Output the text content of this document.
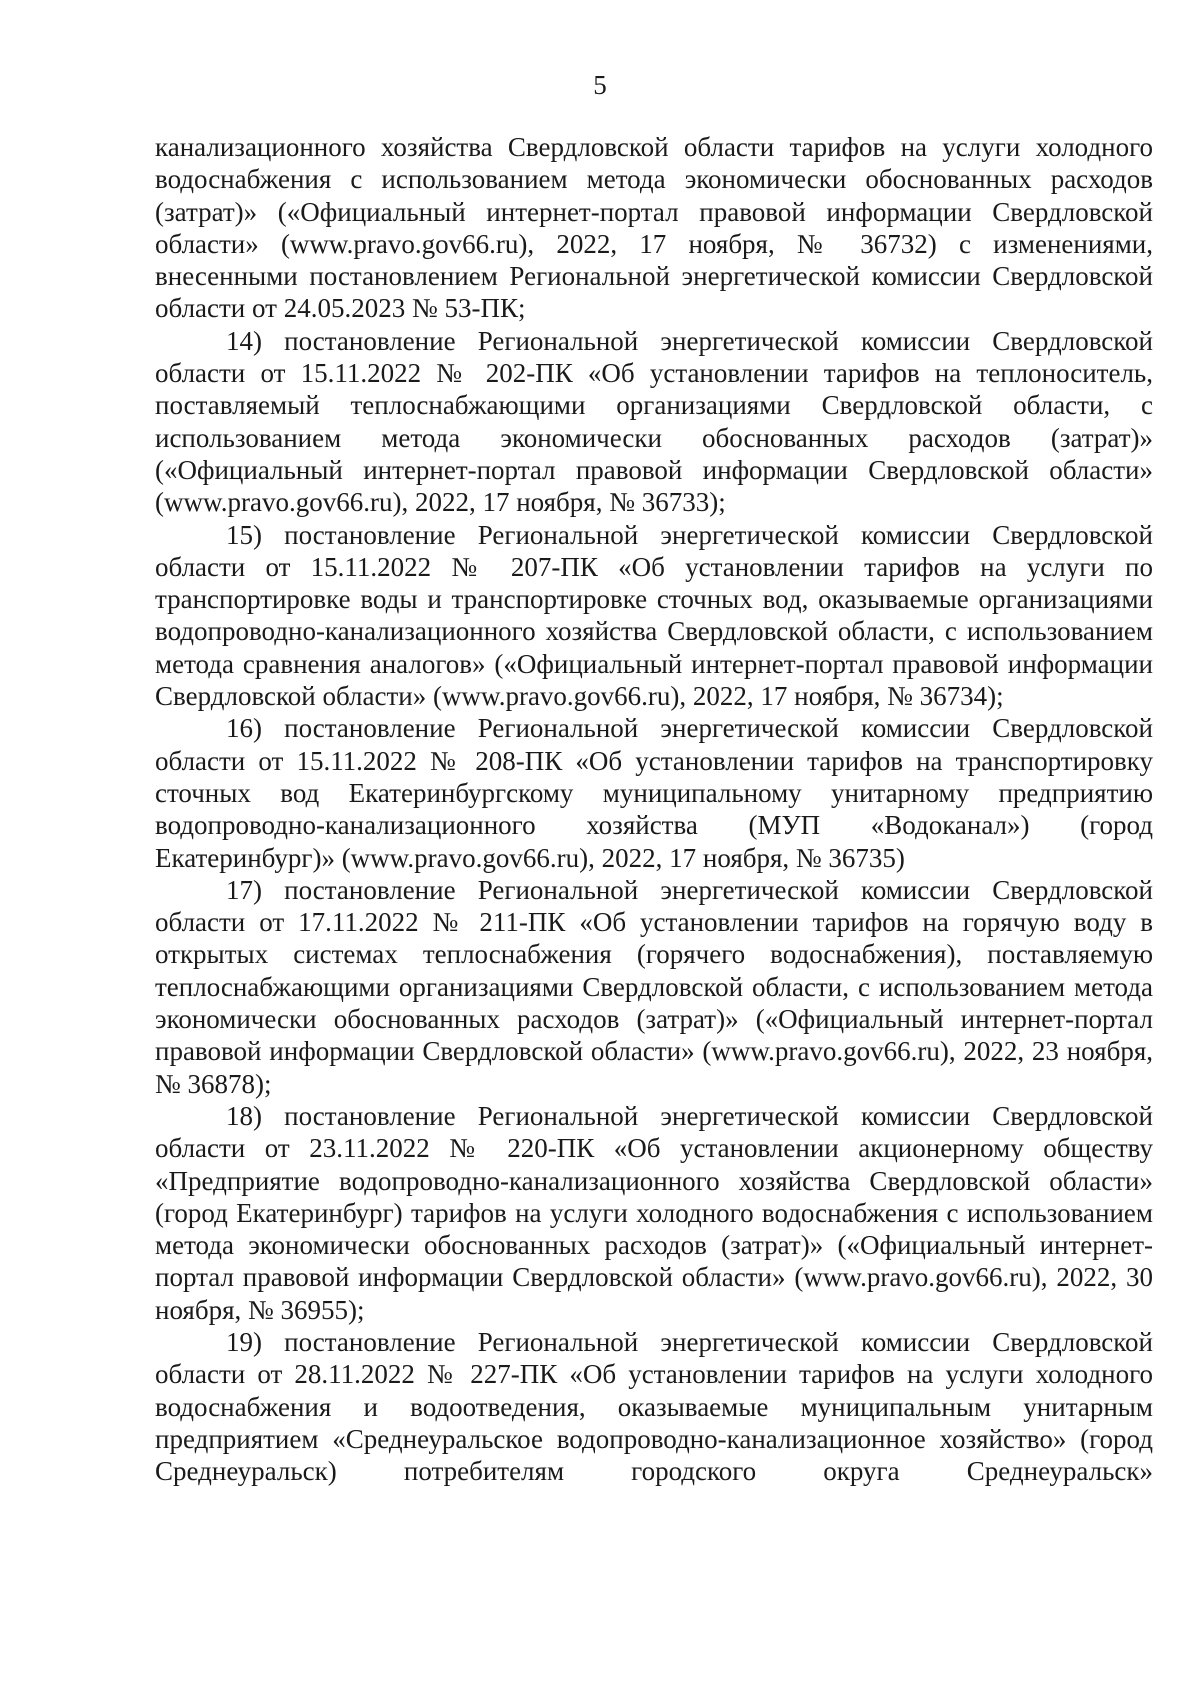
5

канализационного хозяйства Свердловской области тарифов на услуги холодного водоснабжения с использованием метода экономически обоснованных расходов (затрат)» («Официальный интернет-портал правовой информации Свердловской области» (www.pravo.gov66.ru), 2022, 17 ноября, № 36732) с изменениями, внесенными постановлением Региональной энергетической комиссии Свердловской области от 24.05.2023 № 53-ПК;

14) постановление Региональной энергетической комиссии Свердловской области от 15.11.2022 № 202-ПК «Об установлении тарифов на теплоноситель, поставляемый теплоснабжающими организациями Свердловской области, с использованием метода экономически обоснованных расходов (затрат)» («Официальный интернет-портал правовой информации Свердловской области» (www.pravo.gov66.ru), 2022, 17 ноября, № 36733);

15) постановление Региональной энергетической комиссии Свердловской области от 15.11.2022 № 207-ПК «Об установлении тарифов на услуги по транспортировке воды и транспортировке сточных вод, оказываемые организациями водопроводно-канализационного хозяйства Свердловской области, с использованием метода сравнения аналогов» («Официальный интернет-портал правовой информации Свердловской области» (www.pravo.gov66.ru), 2022, 17 ноября, № 36734);

16) постановление Региональной энергетической комиссии Свердловской области от 15.11.2022 № 208-ПК «Об установлении тарифов на транспортировку сточных вод Екатеринбургскому муниципальному унитарному предприятию водопроводно-канализационного хозяйства (МУП «Водоканал») (город Екатеринбург)» (www.pravo.gov66.ru), 2022, 17 ноября, № 36735)

17) постановление Региональной энергетической комиссии Свердловской области от 17.11.2022 № 211-ПК «Об установлении тарифов на горячую воду в открытых системах теплоснабжения (горячего водоснабжения), поставляемую теплоснабжающими организациями Свердловской области, с использованием метода экономически обоснованных расходов (затрат)» («Официальный интернет-портал правовой информации Свердловской области» (www.pravo.gov66.ru), 2022, 23 ноября, № 36878);

18) постановление Региональной энергетической комиссии Свердловской области от 23.11.2022 № 220-ПК «Об установлении акционерному обществу «Предприятие водопроводно-канализационного хозяйства Свердловской области» (город Екатеринбург) тарифов на услуги холодного водоснабжения с использованием метода экономически обоснованных расходов (затрат)» («Официальный интернет-портал правовой информации Свердловской области» (www.pravo.gov66.ru), 2022, 30 ноября, № 36955);

19) постановление Региональной энергетической комиссии Свердловской области от 28.11.2022 № 227-ПК «Об установлении тарифов на услуги холодного водоснабжения и водоотведения, оказываемые муниципальным унитарным предприятием «Среднеуральское водопроводно-канализационное хозяйство» (город Среднеуральск) потребителям городского округа Среднеуральск»
